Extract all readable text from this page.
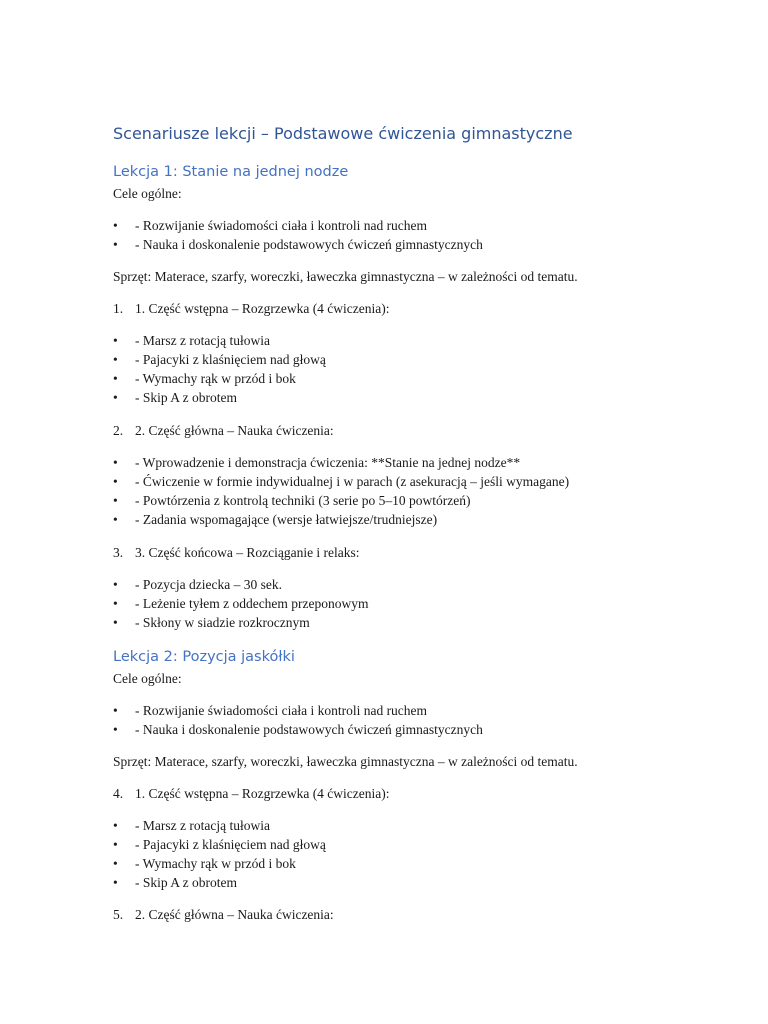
Scenariusze lekcji – Podstawowe ćwiczenia gimnastyczne
Lekcja 1: Stanie na jednej nodze
Cele ogólne:
•	- Rozwijanie świadomości ciała i kontroli nad ruchem
•	- Nauka i doskonalenie podstawowych ćwiczeń gimnastycznych
Sprzęt: Materace, szarfy, woreczki, ławeczka gimnastyczna – w zależności od tematu.
1. 1. Część wstępna – Rozgrzewka (4 ćwiczenia):
•	- Marsz z rotacją tułowia
•	- Pajacyki z klaśnięciem nad głową
•	- Wymachy rąk w przód i bok
•	- Skip A z obrotem
2. 2. Część główna – Nauka ćwiczenia:
•	- Wprowadzenie i demonstracja ćwiczenia: **Stanie na jednej nodze**
•	- Ćwiczenie w formie indywidualnej i w parach (z asekuracją – jeśli wymagane)
•	- Powtórzenia z kontrolą techniki (3 serie po 5–10 powtórzeń)
•	- Zadania wspomagające (wersje łatwiejsze/trudniejsze)
3. 3. Część końcowa – Rozciąganie i relaks:
•	- Pozycja dziecka – 30 sek.
•	- Leżenie tyłem z oddechem przeponowym
•	- Skłony w siadzie rozkrocznym
Lekcja 2: Pozycja jaskółki
Cele ogólne:
•	- Rozwijanie świadomości ciała i kontroli nad ruchem
•	- Nauka i doskonalenie podstawowych ćwiczeń gimnastycznych
Sprzęt: Materace, szarfy, woreczki, ławeczka gimnastyczna – w zależności od tematu.
4. 1. Część wstępna – Rozgrzewka (4 ćwiczenia):
•	- Marsz z rotacją tułowia
•	- Pajacyki z klaśnięciem nad głową
•	- Wymachy rąk w przód i bok
•	- Skip A z obrotem
5. 2. Część główna – Nauka ćwiczenia:
